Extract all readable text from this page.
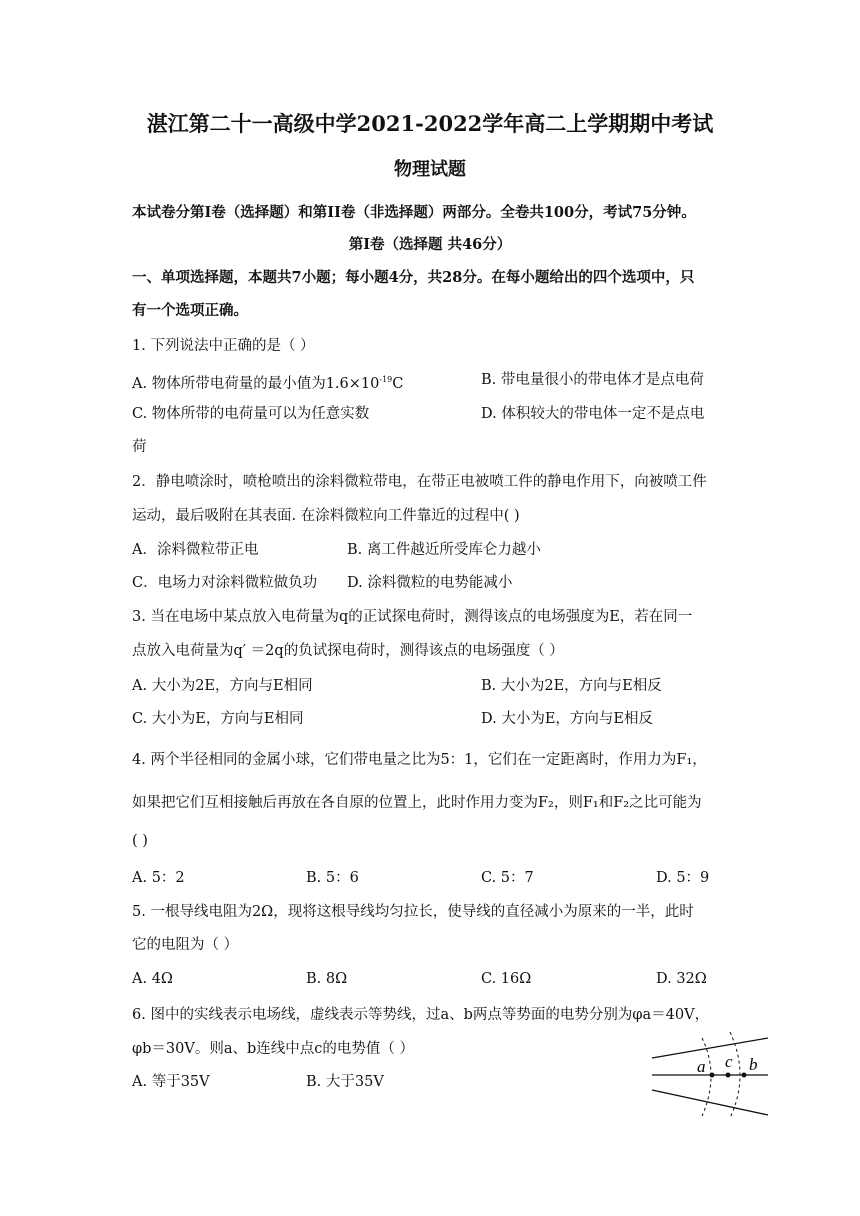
湛江第二十一高级中学2021-2022学年高二上学期期中考试
物理试题
本试卷分第Ⅰ卷（选择题）和第II卷（非选择题）两部分。全卷共100分，考试75分钟。
第Ⅰ卷（选择题 共46分）
一、单项选择题，本题共7小题；每小题4分，共28分。在每小题给出的四个选项中，只
有一个选项正确。
1. 下列说法中正确的是（ ）
A. 物体所带电荷量的最小值为$1.6\times 10^{-19}C$	B. 带电量很小的带电体才是点电荷
C. 物体所带的电荷量可以为任意实数	D. 体积较大的带电体一定不是点电
荷
2．静电喷涂时，喷枪喷出的涂料微粒带电，在带正电被喷工件的静电作用下，向被喷工件
运动，最后吸附在其表面. 在涂料微粒向工件靠近的过程中( )
A．涂料微粒带正电	B. 离工件越近所受库仑力越小
C．电场力对涂料微粒做负功 D. 涂料微粒的电势能减小
3. 当在电场中某点放入电荷量为q的正试探电荷时，测得该点的电场强度为E，若在同一
点放入电荷量为q′ ＝2q的负试探电荷时，测得该点的电场强度（ ）
A. 大小为2E，方向与E相同	B. 大小为2E，方向与E相反
C. 大小为E，方向与E相同	D. 大小为E，方向与E相反
4. 两个半径相同的金属小球，它们带电量之比为5：1，它们在一定距离时，作用力为F₁，
如果把它们互相接触后再放在各自原的位置上，此时作用力变为F₂，则F₁和F₂之比可能为
( )
A. 5：2	B. 5：6	C. 5：7	D. 5：9
5. 一根导线电阻为2Ω，现将这根导线均匀拉长，使导线的直径减小为原来的一半，此时
它的电阻为（ ）
A. 4Ω	B. 8Ω	C. 16Ω	D. 32Ω
6. 图中的实线表示电场线，虚线表示等势线，过a、b两点等势面的电势分别为φa＝40V，
φb＝30V。则a、b连线中点c的电势值（ ）
A. 等于35V	B. 大于35V
a c b
